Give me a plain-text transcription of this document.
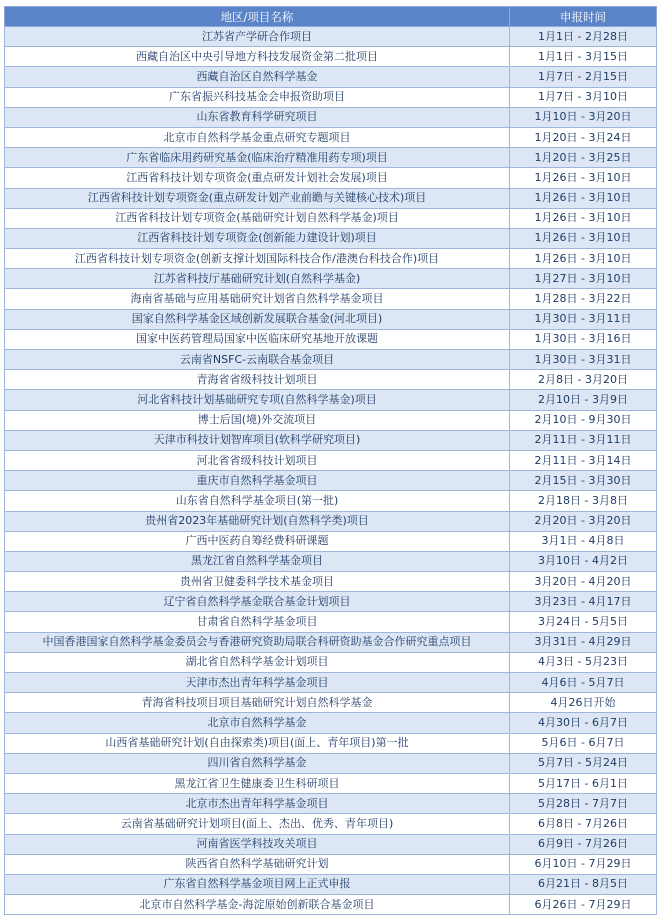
地区/项目名称	申报时间
江苏省产学研合作项目	1月1日 - 2月28日
西藏自治区中央引导地方科技发展资金第二批项目	1月1日 - 3月15日
西藏自治区自然科学基金	1月7日 - 2月15日
广东省振兴科技基金会申报资助项目	1月7日 - 3月10日
山东省教育科学研究项目	1月10日 - 3月20日
北京市自然科学基金重点研究专题项目	1月20日 - 3月24日
广东省临床用药研究基金(临床治疗精准用药专项)项目	1月20日 - 3月25日
江西省科技计划专项资金(重点研发计划社会发展)项目	1月26日 - 3月10日
江西省科技计划专项资金(重点研发计划产业前瞻与关键核心技术)项目	1月26日 - 3月10日
江西省科技计划专项资金(基础研究计划自然科学基金)项目	1月26日 - 3月10日
江西省科技计划专项资金(创新能力建设计划)项目	1月26日 - 3月10日
江西省科技计划专项资金(创新支撑计划国际科技合作/港澳台科技合作)项目	1月26日 - 3月10日
江苏省科技厅基础研究计划(自然科学基金)	1月27日 - 3月10日
海南省基础与应用基础研究计划省自然科学基金项目	1月28日 - 3月22日
国家自然科学基金区域创新发展联合基金(河北项目)	1月30日 - 3月11日
国家中医药管理局国家中医临床研究基地开放课题	1月30日 - 3月16日
云南省NSFC-云南联合基金项目	1月30日 - 3月31日
青海省省级科技计划项目	2月8日 - 3月20日
河北省科技计划基础研究专项(自然科学基金)项目	2月10日 - 3月9日
博士后国(境)外交流项目	2月10日 - 9月30日
天津市科技计划智库项目(软科学研究项目)	2月11日 - 3月11日
河北省省级科技计划项目	2月11日 - 3月14日
重庆市自然科学基金项目	2月15日 - 3月30日
山东省自然科学基金项目(第一批)	2月18日 - 3月8日
贵州省2023年基础研究计划(自然科学类)项目	2月20日 - 3月20日
广西中医药自筹经费科研课题	3月1日 - 4月8日
黑龙江省自然科学基金项目	3月10日 - 4月2日
贵州省卫健委科学技术基金项目	3月20日 - 4月20日
辽宁省自然科学基金联合基金计划项目	3月23日 - 4月17日
甘肃省自然科学基金项目	3月24日 - 5月5日
中国香港国家自然科学基金委员会与香港研究资助局联合科研资助基金合作研究重点项目	3月31日 - 4月29日
湖北省自然科学基金计划项目	4月3日 - 5月23日
天津市杰出青年科学基金项目	4月6日 - 5月7日
青海省科技项目项目基础研究计划自然科学基金	4月26日开始
北京市自然科学基金	4月30日 - 6月7日
山西省基础研究计划(自由探索类)项目(面上、青年项目)第一批	5月6日 - 6月7日
四川省自然科学基金	5月7日 - 5月24日
黑龙江省卫生健康委卫生科研项目	5月17日 - 6月1日
北京市杰出青年科学基金项目	5月28日 - 7月7日
云南省基础研究计划项目(面上、杰出、优秀、青年项目)	6月8日 - 7月26日
河南省医学科技攻关项目	6月9日 - 7月26日
陕西省自然科学基础研究计划	6月10日 - 7月29日
广东省自然科学基金项目网上正式申报	6月21日 - 8月5日
北京市自然科学基金-海淀原始创新联合基金项目	6月26日 - 7月29日
